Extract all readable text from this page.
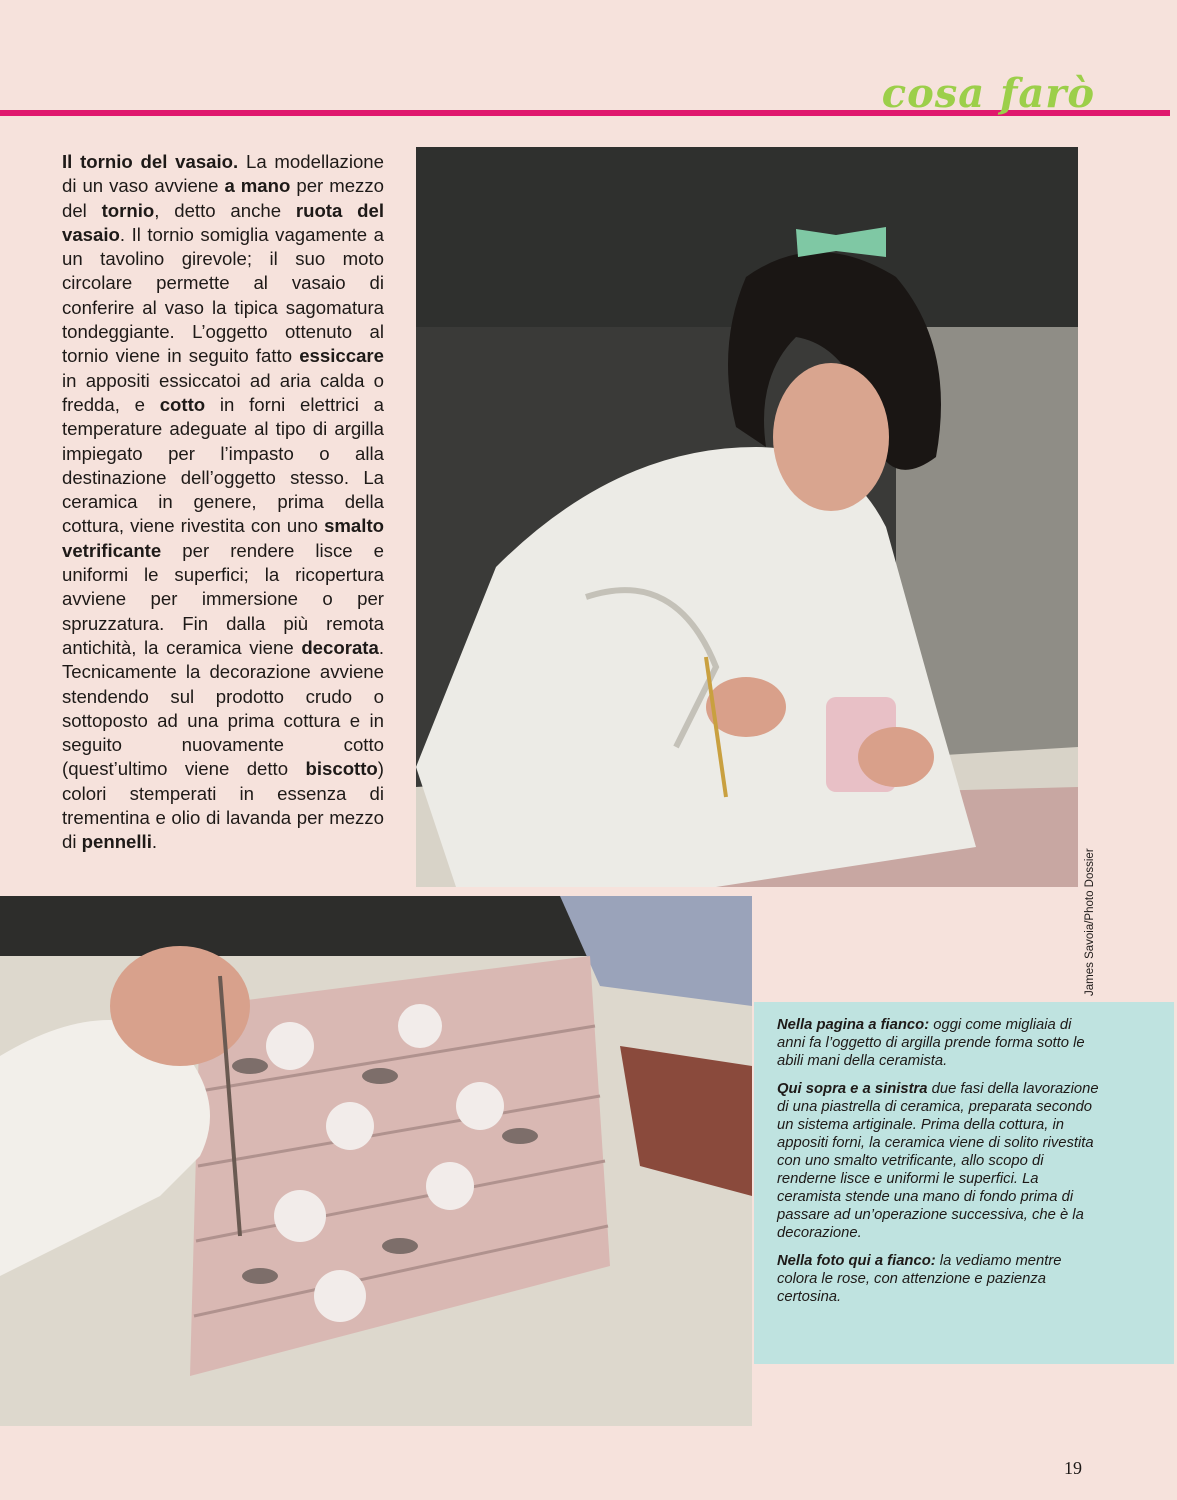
cosa farò
Il tornio del vasaio. La modellazione di un vaso avviene a mano per mezzo del tornio, detto anche ruota del vasaio. Il tornio somiglia vagamente a un tavolino girevole; il suo moto circolare permette al vasaio di conferire al vaso la tipica sagomatura tondeggiante. L’oggetto ottenuto al tornio viene in seguito fatto essiccare in appositi essiccatoi ad aria calda o fredda, e cotto in forni elettrici a temperature adeguate al tipo di argilla impiegato per l’impasto o alla destinazione dell’oggetto stesso. La ceramica in genere, prima della cottura, viene rivestita con uno smalto vetrificante per rendere lisce e uniformi le superfici; la ricopertura avviene per immersione o per spruzzatura. Fin dalla più remota antichità, la ceramica viene decorata. Tecnicamente la decorazione avviene stendendo sul prodotto crudo o sottoposto ad una prima cottura e in seguito nuovamente cotto (quest’ultimo viene detto biscotto) colori stemperati in essenza di trementina e olio di lavanda per mezzo di pennelli.
James Savoia/Photo Dossier

Nella pagina a fianco: oggi come migliaia di anni fa l’oggetto di argilla prende forma sotto le abili mani della ceramista.

Qui sopra e a sinistra due fasi della lavorazione di una piastrella di ceramica, preparata secondo un sistema artiginale. Prima della cottura, in appositi forni, la ceramica viene di solito rivestita con uno smalto vetrificante, allo scopo di renderne lisce e uniformi le superfici. La ceramista stende una mano di fondo prima di passare ad un’operazione successiva, che è la decorazione.

Nella foto qui a fianco: la vediamo mentre colora le rose, con attenzione e pazienza certosina.

19
